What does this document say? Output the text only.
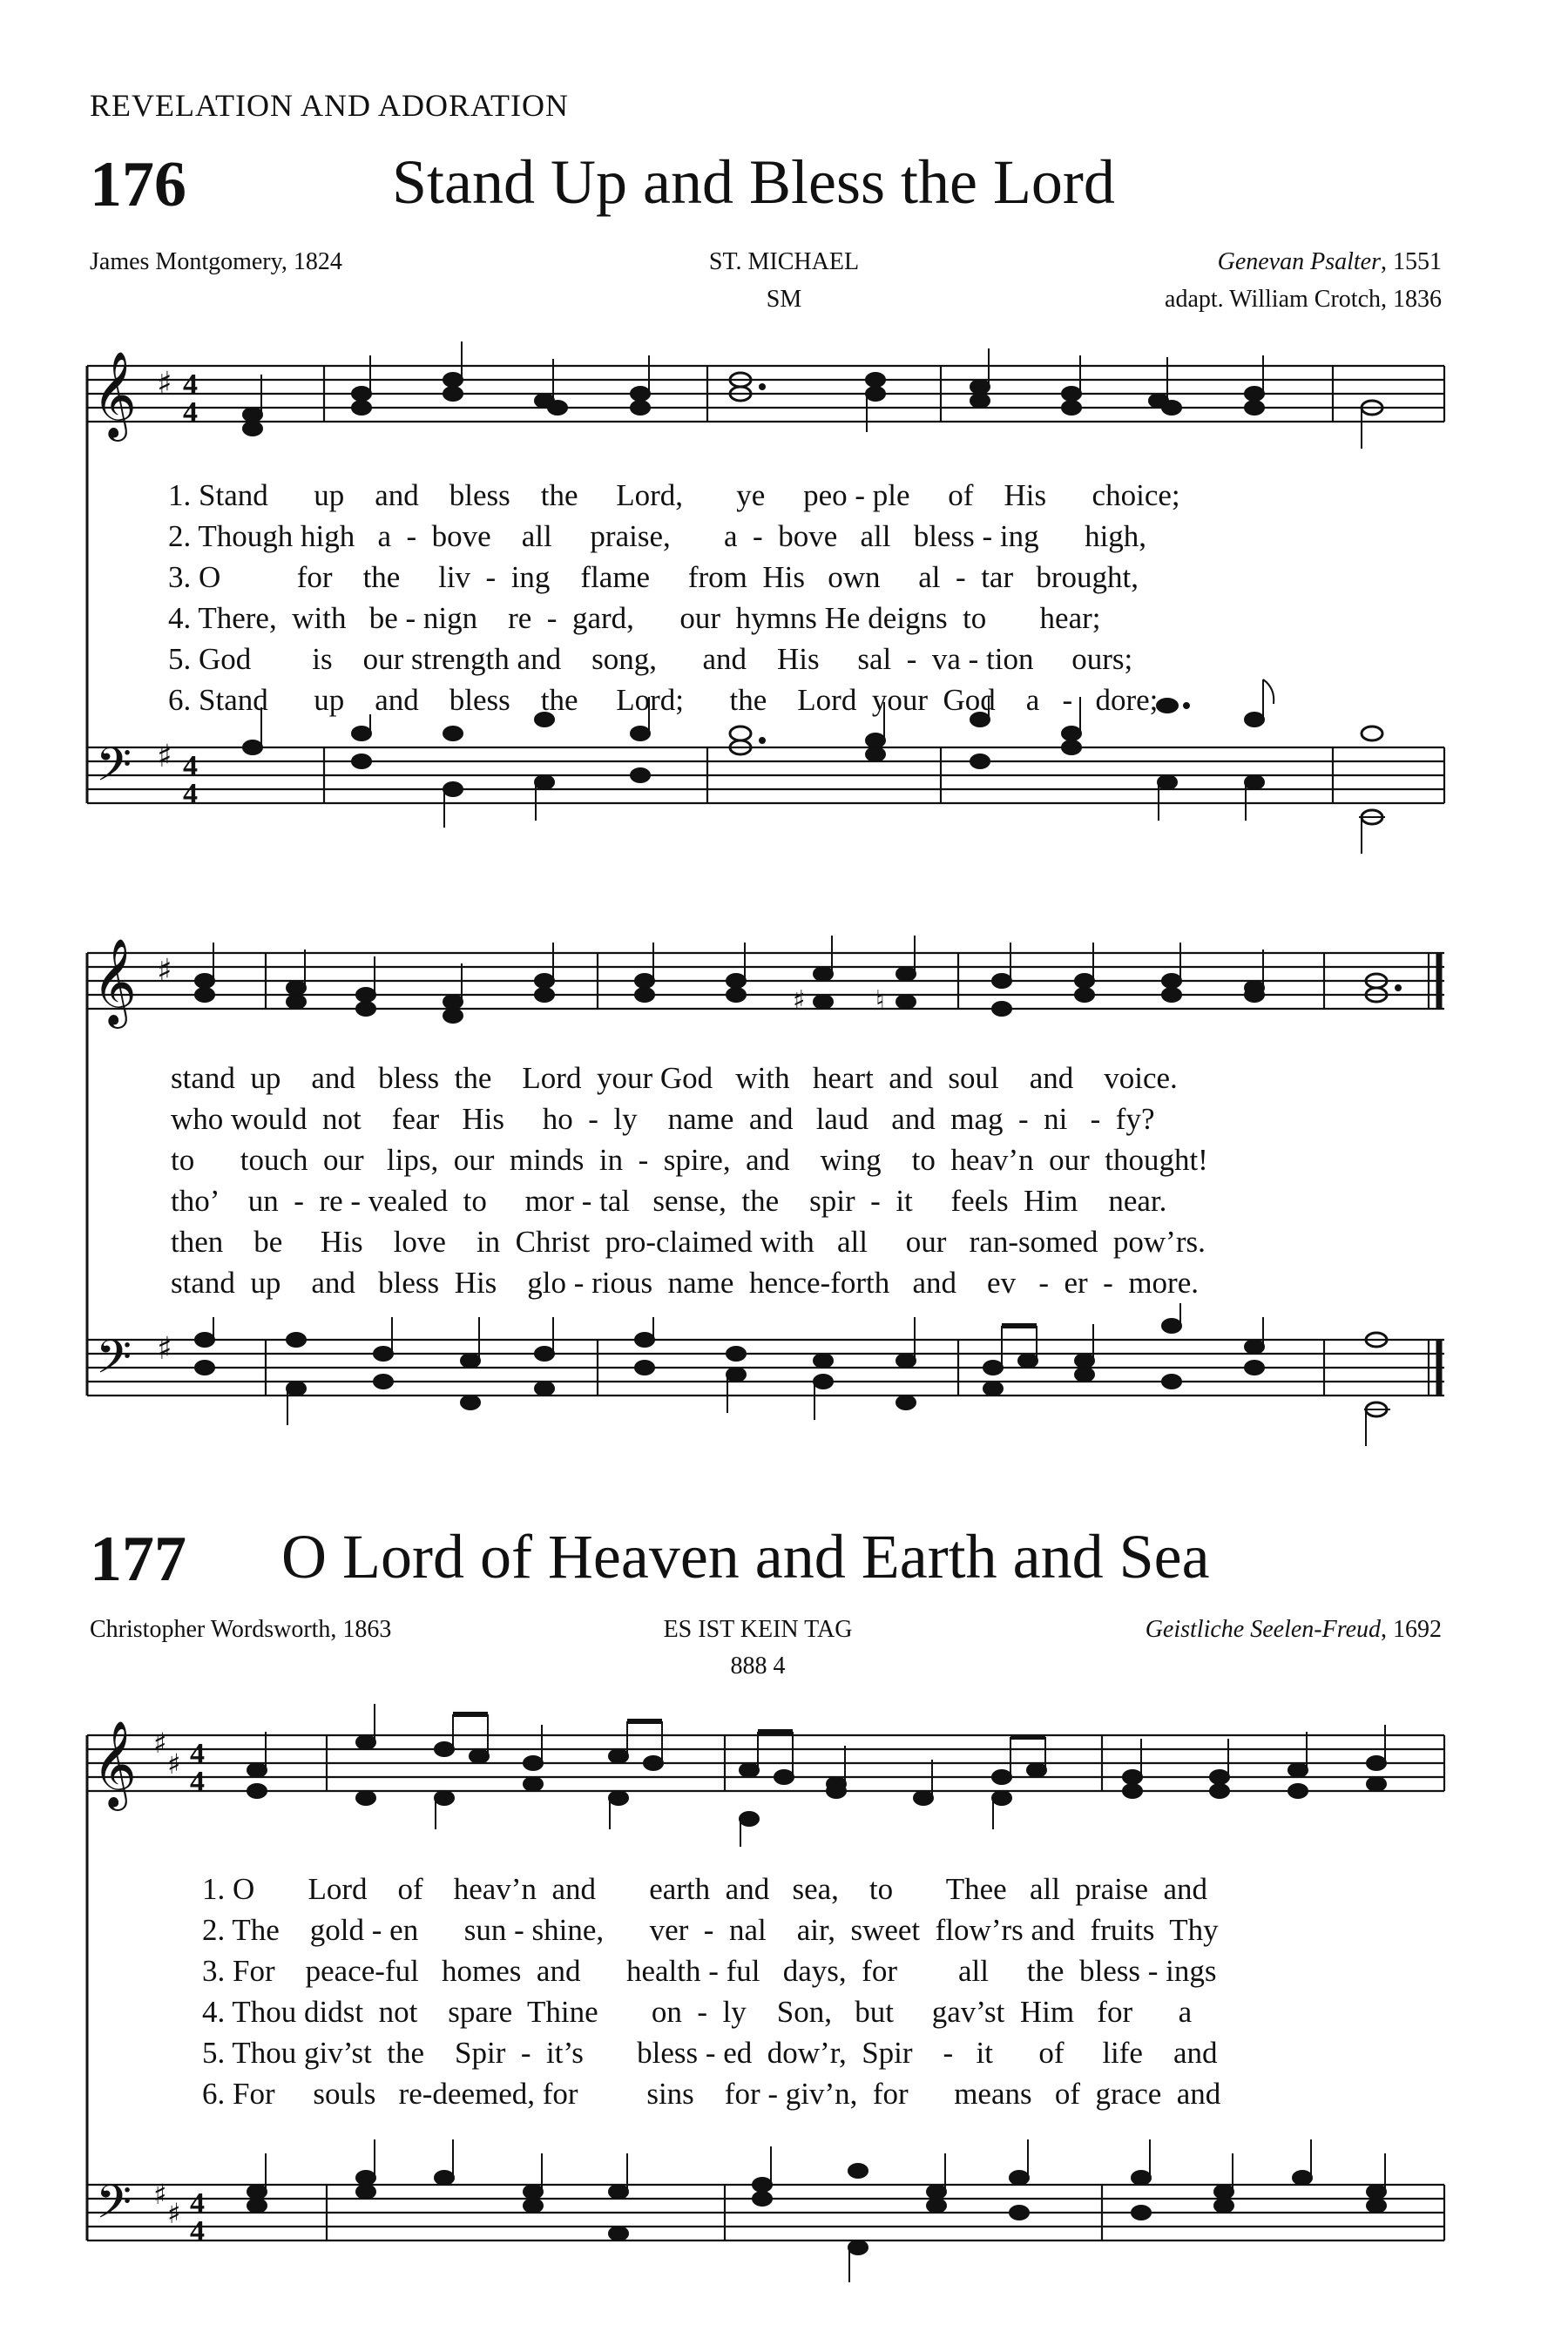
REVELATION AND ADORATION
176	Stand Up and Bless the Lord
James Montgomery, 1824	ST. MICHAEL
SM
Genevan Psalter, 1551
adapt. William Crotch, 1836
𝄞 ♯ 4
4
𝄢 ♯ 4
4
1. Stand      up    and    bless    the     Lord,       ye     peo - ple     of    His      choice;
2. Though high   a  -  bove    all     praise,       a  -  bove   all   bless - ing      high,
3. O          for    the     liv  -  ing    flame     from  His   own     al  -  tar   brought,
4. There,  with   be - nign    re  -  gard,      our  hymns He deigns  to       hear;
5. God        is    our strength and    song,      and    His     sal  -  va - tion     ours;
6. Stand      up    and    bless    the     Lord;      the    Lord  your  God    a   -   dore;
𝄞 ♯
𝄢 ♯
♯	♮
stand  up    and   bless  the    Lord  your God   with   heart  and  soul    and    voice.
who would  not    fear   His     ho  -  ly    name  and   laud   and  mag  -  ni   -  fy?
to      touch  our   lips,  our  minds  in  -  spire,  and    wing    to  heav’n  our  thought!
tho’    un  -  re - vealed  to     mor - tal   sense,  the    spir  -  it     feels  Him    near.
then    be     His    love    in  Christ  pro-claimed with   all     our   ran-somed  pow’rs.
stand  up    and   bless  His    glo - rious  name  hence-forth   and    ev   -  er  -  more.
177 O Lord of Heaven and Earth and Sea
Christopher Wordsworth, 1863	ES IST KEIN TAG
888 4
Geistliche Seelen-Freud, 1692
𝄞 ♯
♯ 4
4
𝄢 ♯
♯ 4
4
1. O       Lord    of    heav’n  and       earth  and   sea,    to       Thee   all  praise  and
2. The    gold - en      sun - shine,      ver  -  nal    air,  sweet  flow’rs and  fruits  Thy
3. For    peace-ful   homes  and      health - ful   days,  for        all     the  bless - ings
4. Thou didst  not    spare  Thine       on  -  ly    Son,   but     gav’st  Him   for      a
5. Thou giv’st  the    Spir  -  it’s       bless - ed  dow’r,  Spir    -   it      of     life    and
6. For     souls   re-deemed, for         sins    for - giv’n,  for      means   of  grace  and
G major (1 sharp) 4/4 D major (2 sharps) 4/4
